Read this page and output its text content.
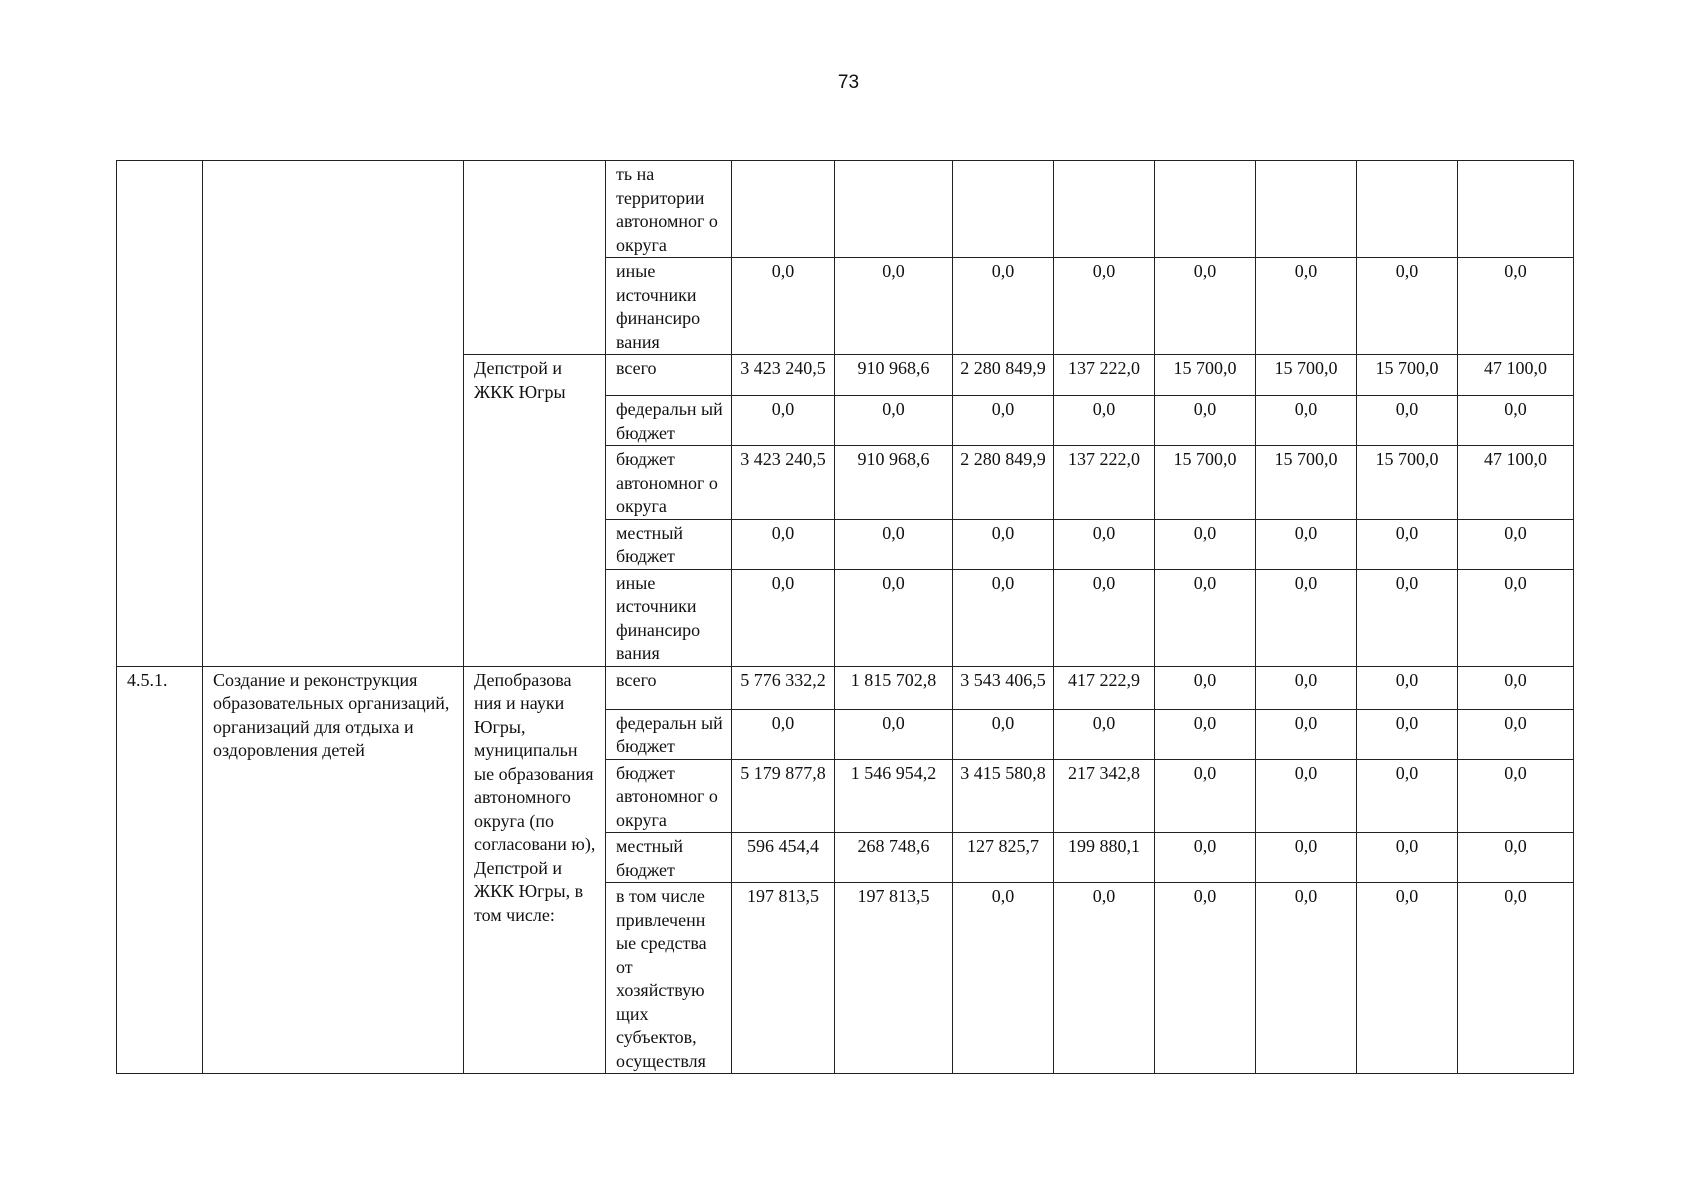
73
			ть на территории автономног о округа								
			иные источники финансиро вания	0,0	0,0	0,0	0,0	0,0	0,0	0,0	0,0
		Депстрой и ЖКК Югры	всего	3 423 240,5	910 968,6	2 280 849,9	137 222,0	15 700,0	15 700,0	15 700,0	47 100,0
			федеральн ый бюджет	0,0	0,0	0,0	0,0	0,0	0,0	0,0	0,0
			бюджет автономног о округа	3 423 240,5	910 968,6	2 280 849,9	137 222,0	15 700,0	15 700,0	15 700,0	47 100,0
			местный бюджет	0,0	0,0	0,0	0,0	0,0	0,0	0,0	0,0
			иные источники финансиро вания	0,0	0,0	0,0	0,0	0,0	0,0	0,0	0,0
4.5.1.	Создание и реконструкция образовательных организаций, организаций для отдыха и оздоровления детей	Депобразова ния и науки Югры, муниципальн ые образования автономного округа (по согласовани ю), Депстрой и ЖКК Югры, в том числе:	всего	5 776 332,2	1 815 702,8	3 543 406,5	417 222,9	0,0	0,0	0,0	0,0
			федеральн ый бюджет	0,0	0,0	0,0	0,0	0,0	0,0	0,0	0,0
			бюджет автономног о округа	5 179 877,8	1 546 954,2	3 415 580,8	217 342,8	0,0	0,0	0,0	0,0
			местный бюджет	596 454,4	268 748,6	127 825,7	199 880,1	0,0	0,0	0,0	0,0
			в том числе привлеченн ые средства от хозяйствую щих субъектов, осуществля	197 813,5	197 813,5	0,0	0,0	0,0	0,0	0,0	0,0
